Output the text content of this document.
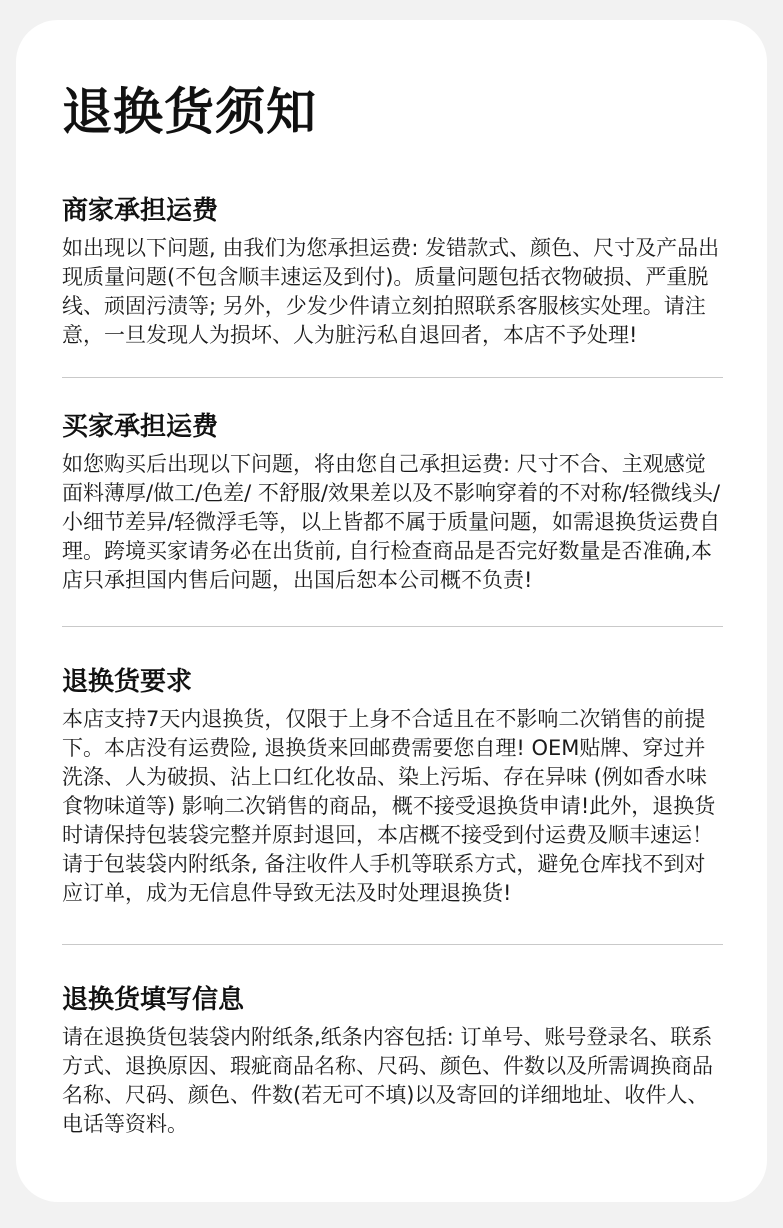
退换货须知
商家承担运费

如出现以下问题, 由我们为您承担运费: 发错款式、颜色、尺寸及产品出现质量问题(不包含顺丰速运及到付)。质量问题包括衣物破损、严重脱线、顽固污渍等; 另外，少发少件请立刻拍照联系客服核实处理。请注意，一旦发现人为损坏、人为脏污私自退回者，本店不予处理!

买家承担运费

如您购买后出现以下问题，将由您自己承担运费: 尺寸不合、主观感觉面料薄厚/做工/色差/ 不舒服/效果差以及不影响穿着的不对称/轻微线头/小细节差异/轻微浮毛等，以上皆都不属于质量问题，如需退换货运费自理。跨境买家请务必在出货前, 自行检查商品是否完好数量是否准确,本店只承担国内售后问题，出国后恕本公司概不负责!

退换货要求

本店支持7天内退换货，仅限于上身不合适且在不影响二次销售的前提下。本店没有运费险, 退换货来回邮费需要您自理! OEM贴牌、穿过并洗涤、人为破损、沾上口红化妆品、染上污垢、存在异味 (例如香水味食物味道等) 影响二次销售的商品，概不接受退换货申请!此外，退换货时请保持包装袋完整并原封退回，本店概不接受到付运费及顺丰速运！请于包装袋内附纸条, 备注收件人手机等联系方式，避免仓库找不到对应订单，成为无信息件导致无法及时处理退换货!

退换货填写信息

请在退换货包装袋内附纸条,纸条内容包括: 订单号、账号登录名、联系方式、退换原因、瑕疵商品名称、尺码、颜色、件数以及所需调换商品名称、尺码、颜色、件数(若无可不填)以及寄回的详细地址、收件人、电话等资料。
